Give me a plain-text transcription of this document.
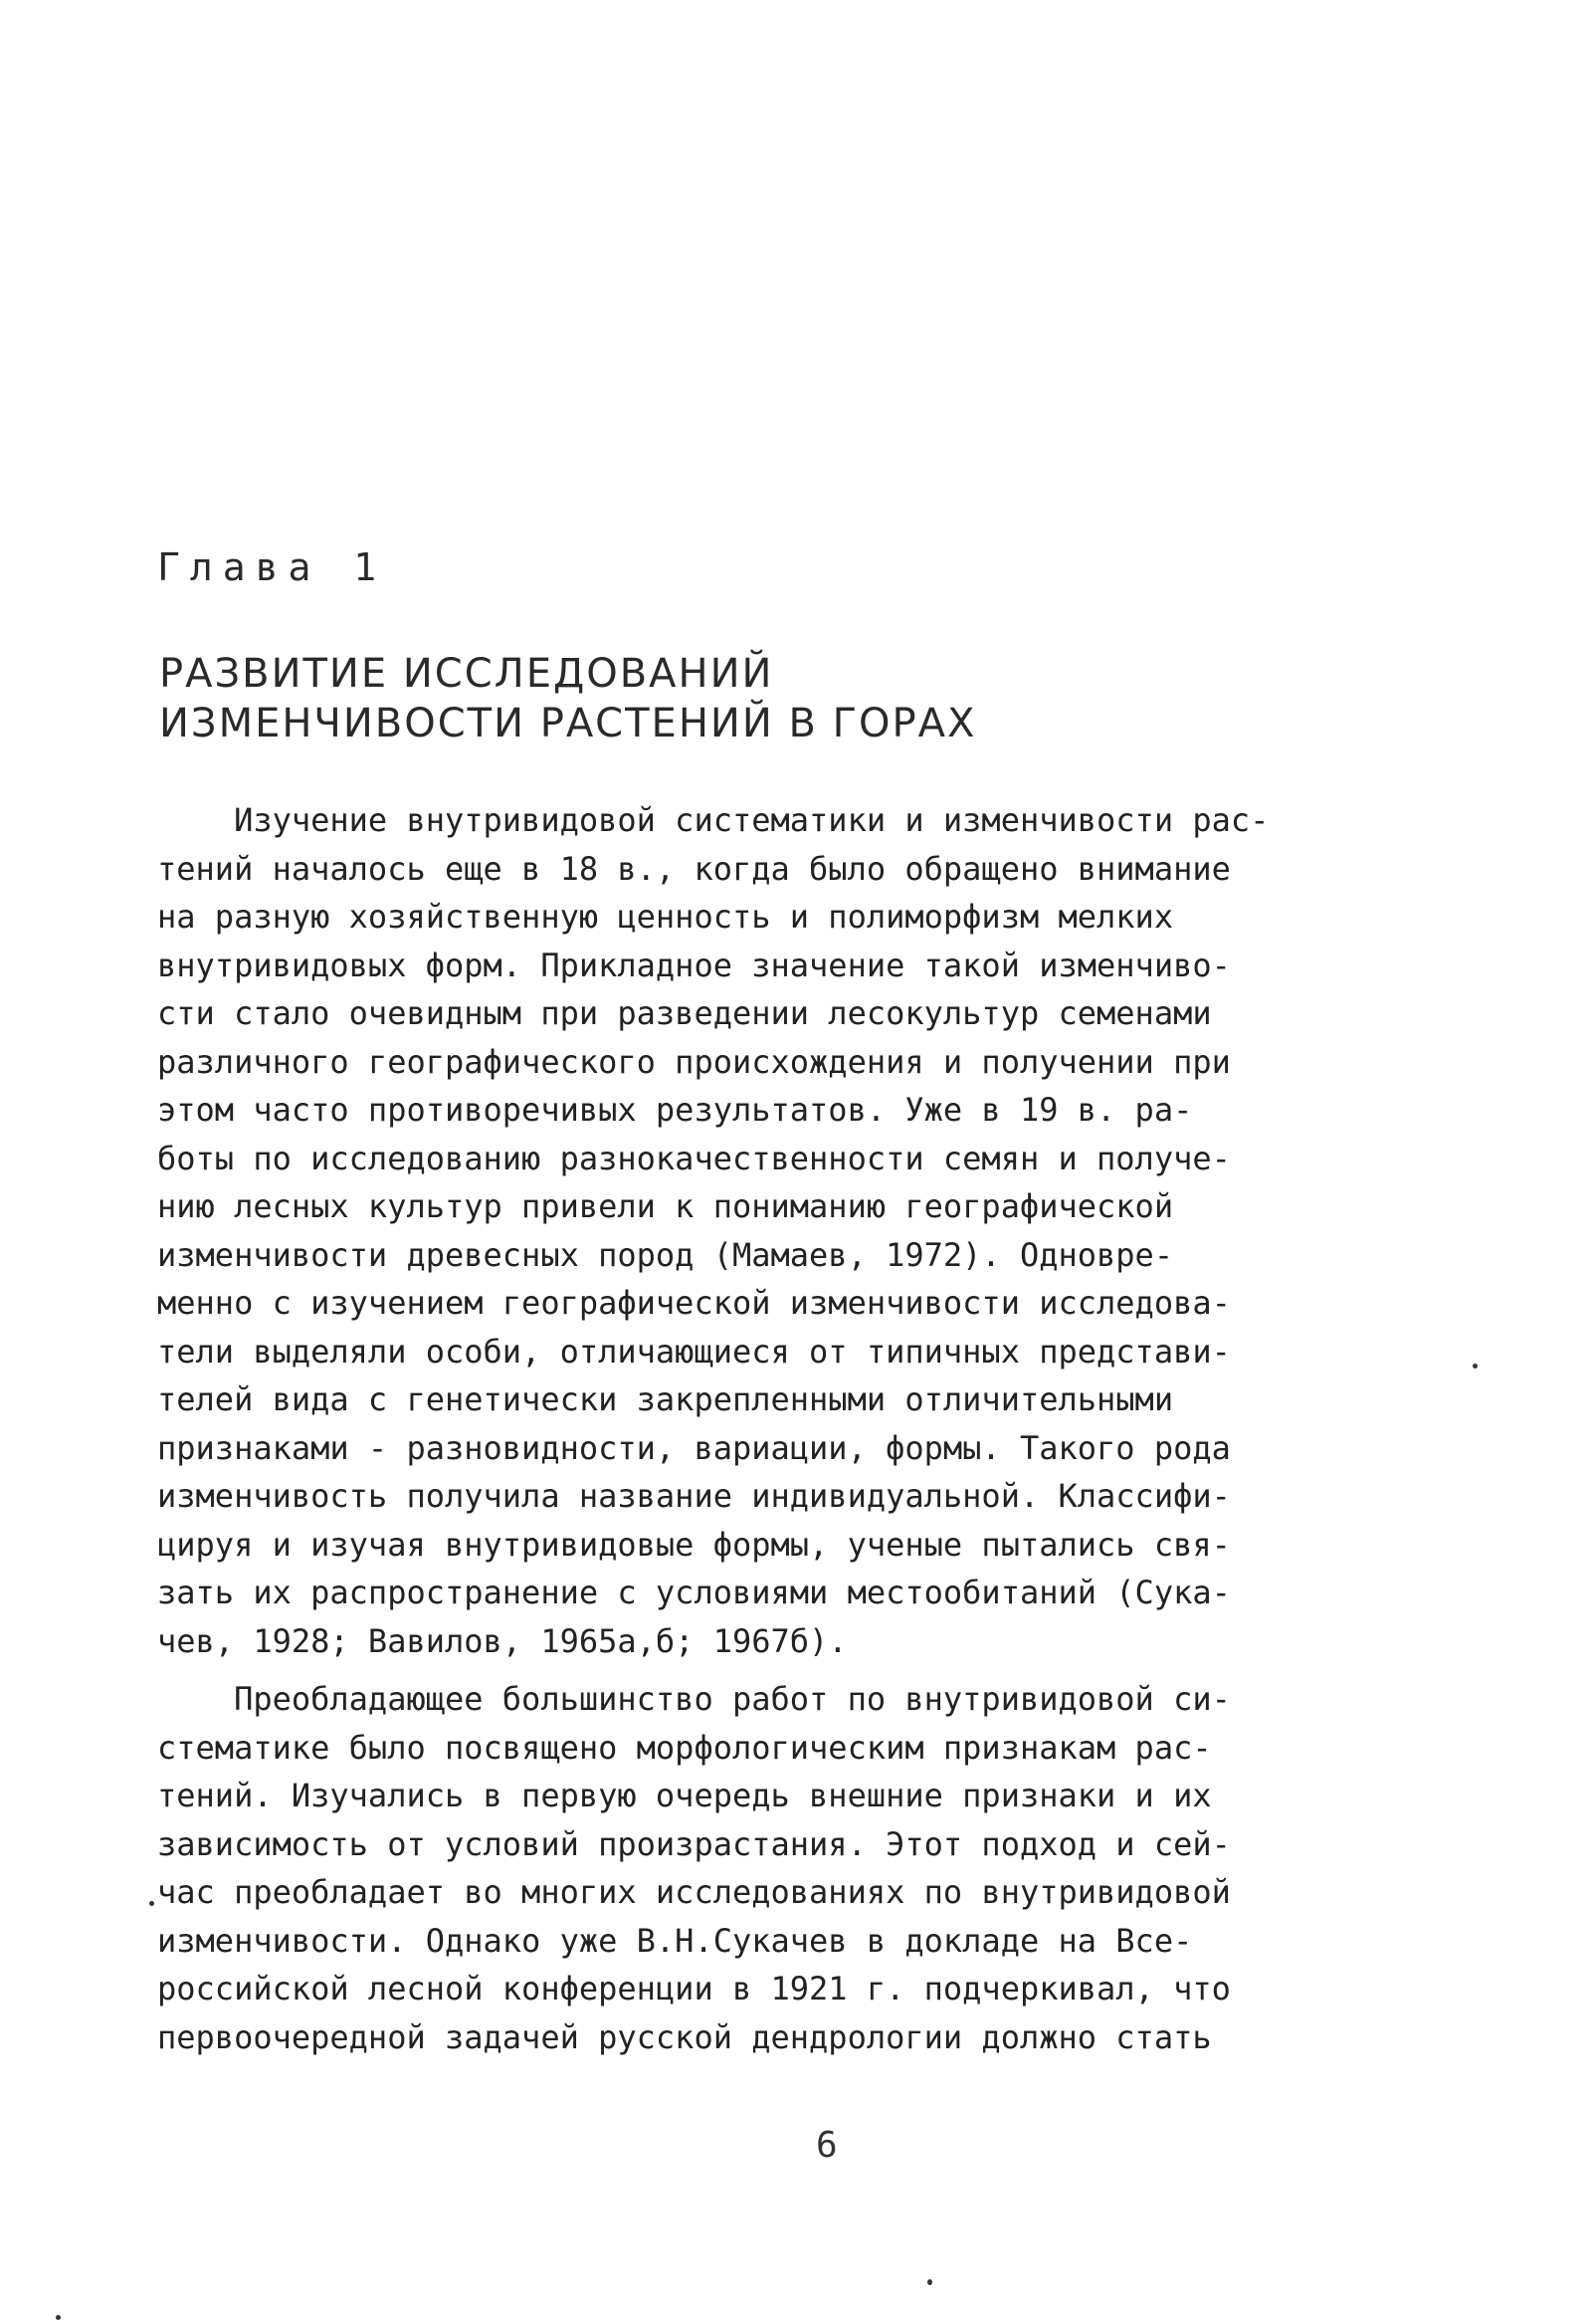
Глава 1
РАЗВИТИЕ ИССЛЕДОВАНИЙ
ИЗМЕНЧИВОСТИ РАСТЕНИЙ В ГОРАХ
Изучение внутривидовой систематики и изменчивости рас-
тений началось еще в 18 в., когда было обращено внимание
на разную хозяйственную ценность и полиморфизм мелких
внутривидовых форм. Прикладное значение такой изменчиво-
сти стало очевидным при разведении лесокультур семенами
различного географического происхождения и получении при
этом часто противоречивых результатов. Уже в 19 в. ра-
боты по исследованию разнокачественности семян и получе-
нию лесных культур привели к пониманию географической
изменчивости древесных пород (Мамаев, 1972). Одновре-
менно с изучением географической изменчивости исследова-
тели выделяли особи, отличающиеся от типичных представи-
телей вида с генетически закрепленными отличительными
признаками - разновидности, вариации, формы. Такого рода
изменчивость получила название индивидуальной. Классифи-
цируя и изучая внутривидовые формы, ученые пытались свя-
зать их распространение с условиями местообитаний (Сука-
чев, 1928; Вавилов, 1965а,б; 1967б).
Преобладающее большинство работ по внутривидовой си-
стематике было посвящено морфологическим признакам рас-
тений. Изучались в первую очередь внешние признаки и их
зависимость от условий произрастания. Этот подход и сей-
час преобладает во многих исследованиях по внутривидовой
изменчивости. Однако уже В.Н.Сукачев в докладе на Все-
российской лесной конференции в 1921 г. подчеркивал, что
первоочередной задачей русской дендрологии должно стать
6
